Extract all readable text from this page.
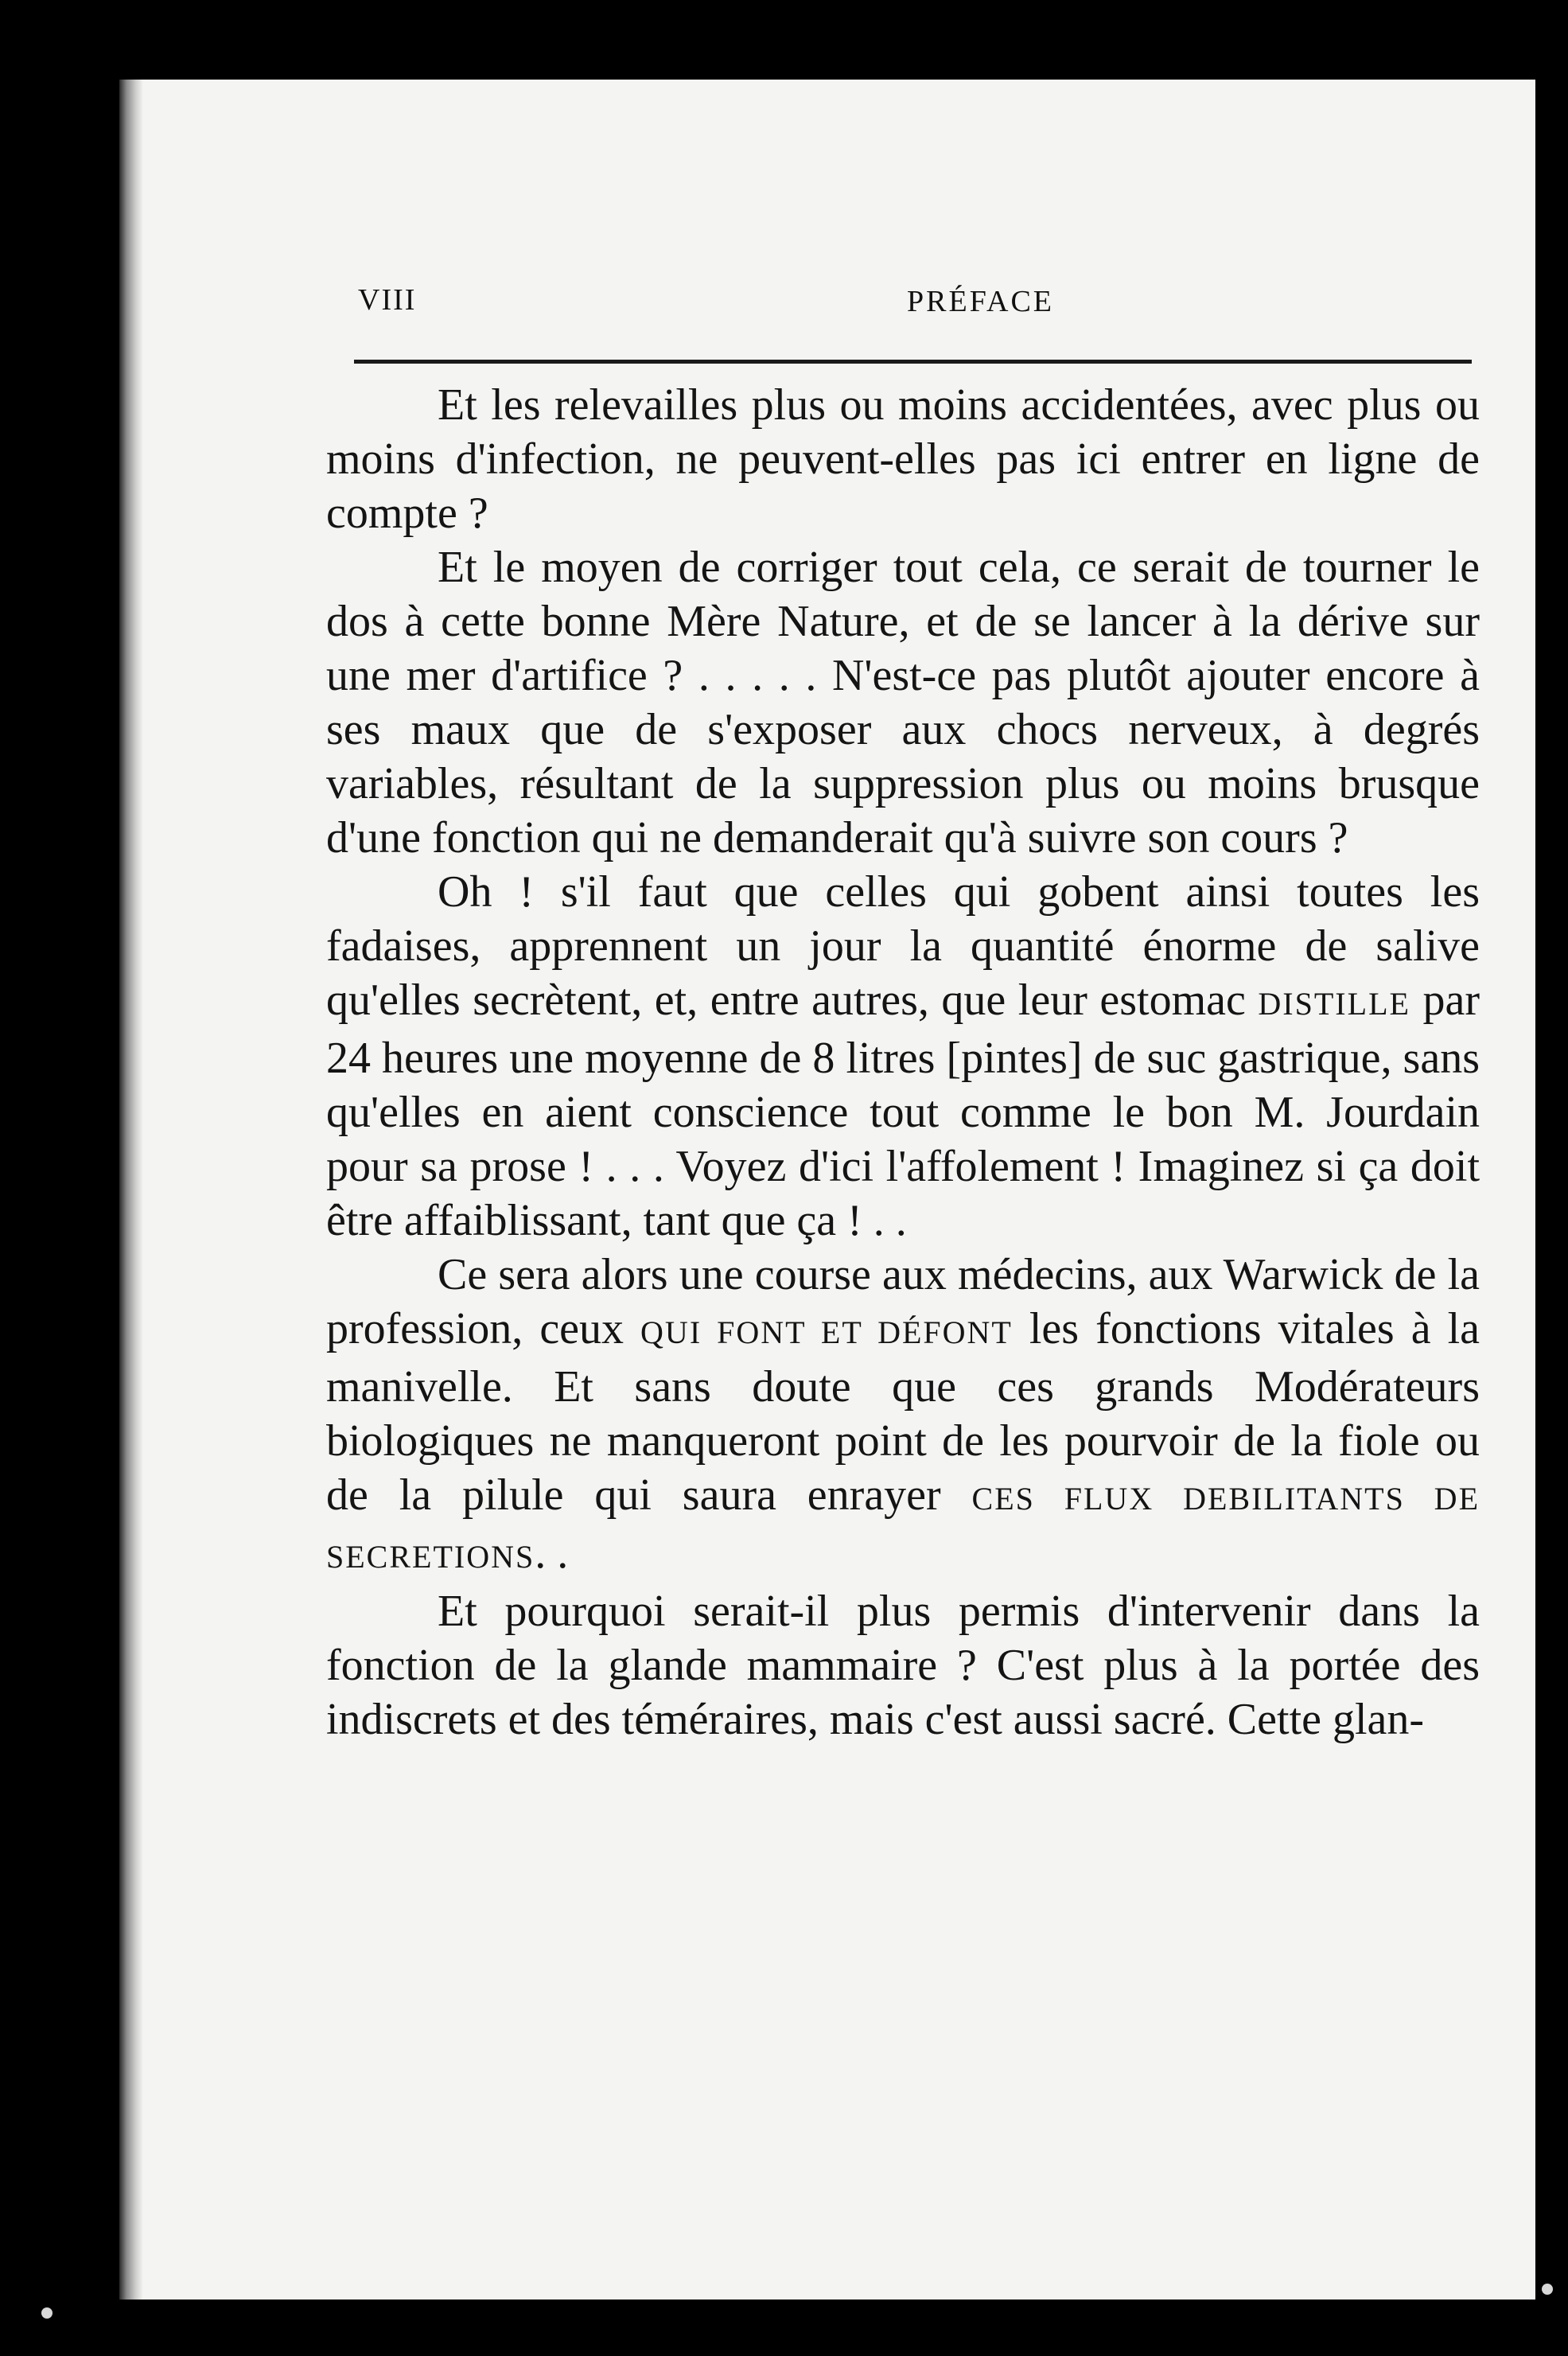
VIII	PRÉFACE

Et les relevailles plus ou moins accidentées, avec plus ou moins d'infection, ne peuvent-elles pas ici entrer en ligne de compte ?

Et le moyen de corriger tout cela, ce serait de tourner le dos à cette bonne Mère Nature, et de se lancer à la dérive sur une mer d'artifice ? . . . . . N'est-ce pas plutôt ajouter encore à ses maux que de s'exposer aux chocs nerveux, à degrés variables, résultant de la suppression plus ou moins brusque d'une fonction qui ne demanderait qu'à suivre son cours ?

Oh ! s'il faut que celles qui gobent ainsi toutes les fadaises, apprennent un jour la quantité énorme de salive qu'elles secrètent, et, entre autres, que leur estomac DISTILLE par 24 heures une moyenne de 8 litres [pintes] de suc gastrique, sans qu'elles en aient conscience tout comme le bon M. Jourdain pour sa prose ! . . . Voyez d'ici l'affolement ! Imaginez si ça doit être affaiblissant, tant que ça ! . .

Ce sera alors une course aux médecins, aux Warwick de la profession, ceux QUI FONT ET DÉFONT les fonctions vitales à la manivelle. Et sans doute que ces grands Modérateurs biologiques ne manqueront point de les pourvoir de la fiole ou de la pilule qui saura enrayer CES FLUX DEBILITANTS DE SECRETIONS. .

Et pourquoi serait-il plus permis d'intervenir dans la fonction de la glande mammaire ? C'est plus à la portée des indiscrets et des téméraires, mais c'est aussi sacré. Cette glan-
